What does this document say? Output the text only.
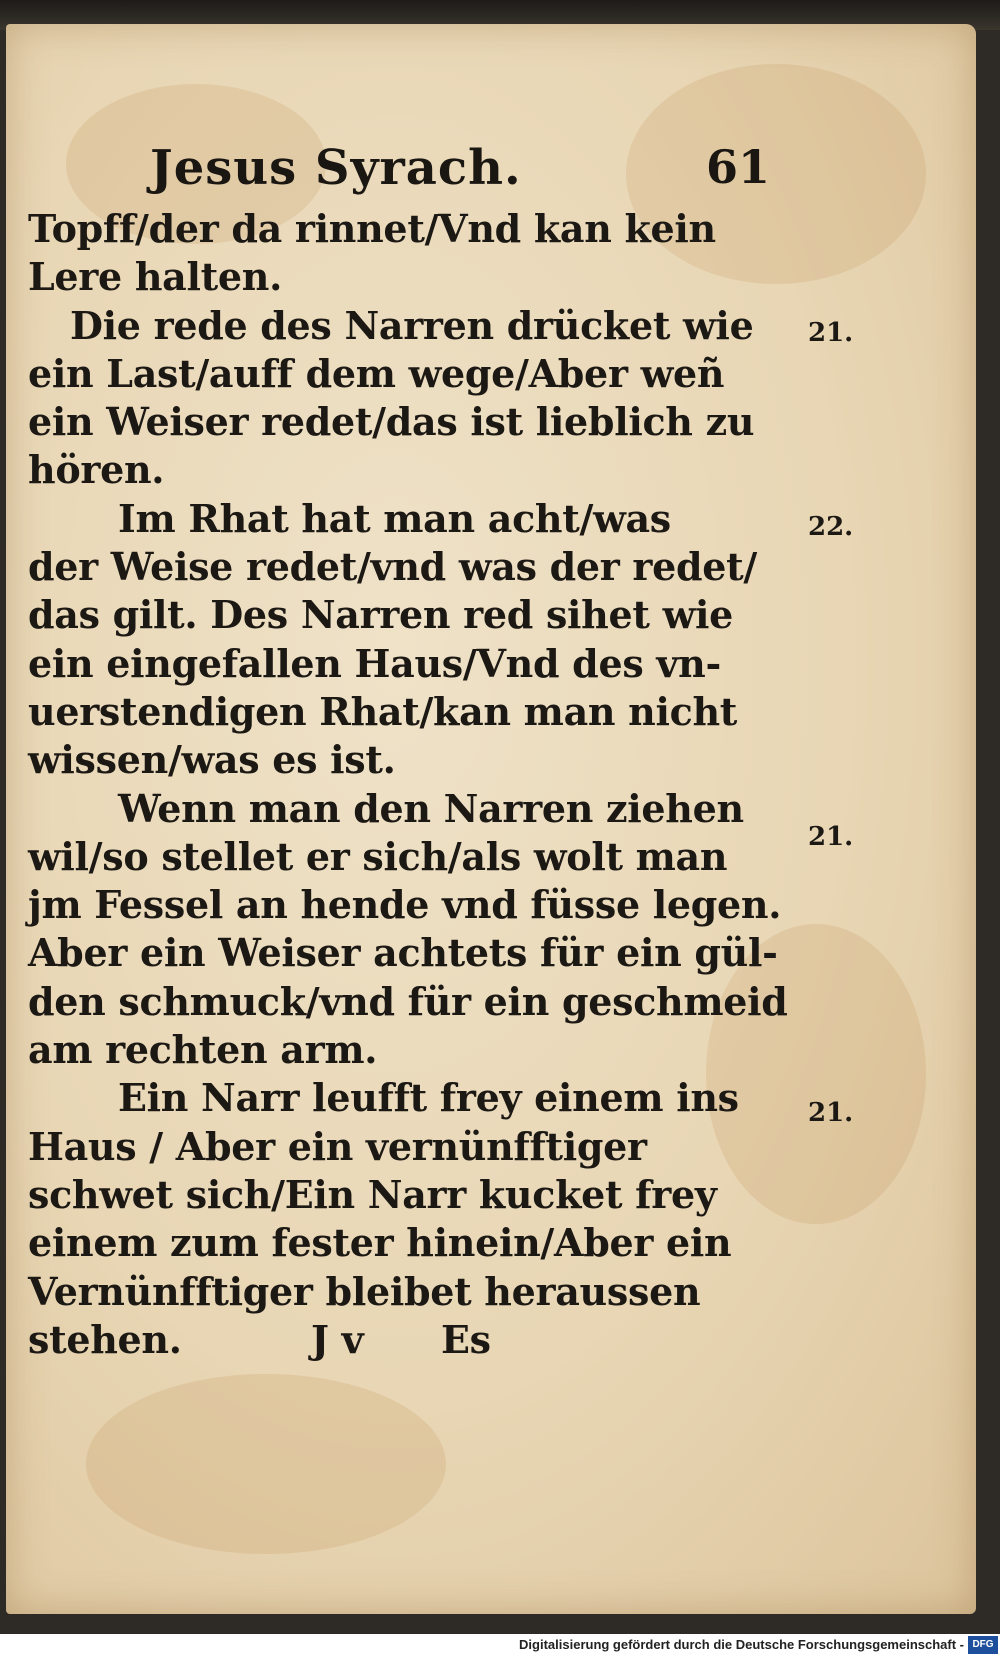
Jesus Syrach.	61
Topff/der da rinnet/Vnd kan kein
Lere halten.
Die rede des Narren drücket wie
ein Last/auff dem wege/Aber weñ
ein Weiser redet/das ist lieblich zu
hören.
Im Rhat hat man acht/was
der Weise redet/vnd was der redet/
das gilt. Des Narren red sihet wie
ein eingefallen Haus/Vnd des vn-
uerstendigen Rhat/kan man nicht
wissen/was es ist.
Wenn man den Narren ziehen
wil/so stellet er sich/als wolt man
jm Fessel an hende vnd füsse legen.
Aber ein Weiser achtets für ein gül-
den schmuck/vnd für ein geschmeid
am rechten arm.
Ein Narr leufft frey einem ins
Haus / Aber ein vernünfftiger
schwet sich/Ein Narr kucket frey
einem zum fester hinein/Aber ein
Vernünfftiger bleibet heraussen
stehen.          J v      Es
21.
22.
21.
21.
Digitalisierung gefördert durch die Deutsche Forschungsgemeinschaft - DFG
